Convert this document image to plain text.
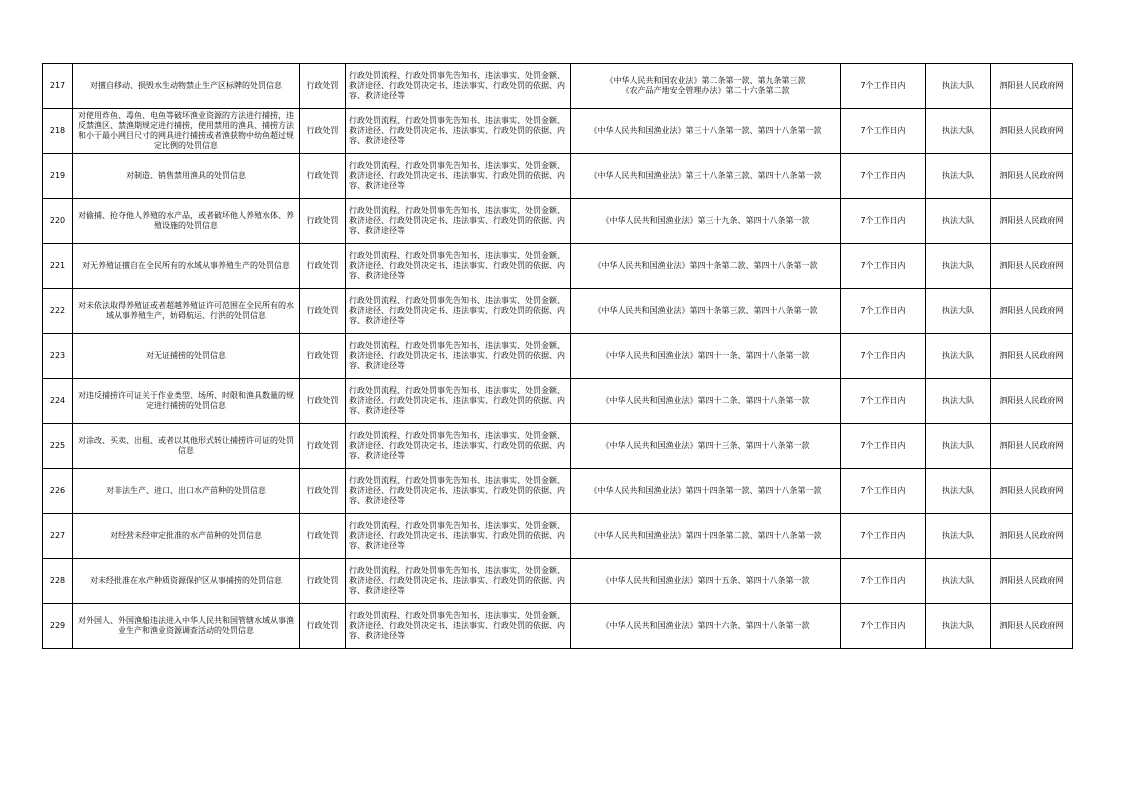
217	对擅自移动、损毁水生动物禁止生产区标牌的处罚信息	行政处罚	行政处罚流程、行政处罚事先告知书、违法事实、处罚金额、救济途径、行政处罚决定书、违法事实、行政处罚的依据、内容、救济途径等	《中华人民共和国农业法》第二条第一款、第九条第三款
《农产品产地安全管理办法》第二十六条第二款	7个工作日内	执法大队	泗阳县人民政府网
218	对使用炸鱼、毒鱼、电鱼等破坏渔业资源的方法进行捕捞，违反禁渔区、禁渔期规定进行捕捞，使用禁用的渔具、捕捞方法和小于最小网目尺寸的网具进行捕捞或者渔获物中幼鱼超过规定比例的处罚信息	行政处罚	行政处罚流程、行政处罚事先告知书、违法事实、处罚金额、救济途径、行政处罚决定书、违法事实、行政处罚的依据、内容、救济途径等	《中华人民共和国渔业法》第三十八条第一款、第四十八条第一款	7个工作日内	执法大队	泗阳县人民政府网
219	对制造、销售禁用渔具的处罚信息	行政处罚	行政处罚流程、行政处罚事先告知书、违法事实、处罚金额、救济途径、行政处罚决定书、违法事实、行政处罚的依据、内容、救济途径等	《中华人民共和国渔业法》第三十八条第三款、第四十八条第一款	7个工作日内	执法大队	泗阳县人民政府网
220	对偷捕、抢夺他人养殖的水产品，或者破坏他人养殖水体、养殖设施的处罚信息	行政处罚	行政处罚流程、行政处罚事先告知书、违法事实、处罚金额、救济途径、行政处罚决定书、违法事实、行政处罚的依据、内容、救济途径等	《中华人民共和国渔业法》第三十九条、第四十八条第一款	7个工作日内	执法大队	泗阳县人民政府网
221	对无养殖证擅自在全民所有的水域从事养殖生产的处罚信息	行政处罚	行政处罚流程、行政处罚事先告知书、违法事实、处罚金额、救济途径、行政处罚决定书、违法事实、行政处罚的依据、内容、救济途径等	《中华人民共和国渔业法》第四十条第二款、第四十八条第一款	7个工作日内	执法大队	泗阳县人民政府网
222	对未依法取得养殖证或者超越养殖证许可范围在全民所有的水域从事养殖生产，妨碍航运、行洪的处罚信息	行政处罚	行政处罚流程、行政处罚事先告知书、违法事实、处罚金额、救济途径、行政处罚决定书、违法事实、行政处罚的依据、内容、救济途径等	《中华人民共和国渔业法》第四十条第三款、第四十八条第一款	7个工作日内	执法大队	泗阳县人民政府网
223	对无证捕捞的处罚信息	行政处罚	行政处罚流程、行政处罚事先告知书、违法事实、处罚金额、救济途径、行政处罚决定书、违法事实、行政处罚的依据、内容、救济途径等	《中华人民共和国渔业法》第四十一条、第四十八条第一款	7个工作日内	执法大队	泗阳县人民政府网
224	对违反捕捞许可证关于作业类型、场所、时限和渔具数量的规定进行捕捞的处罚信息	行政处罚	行政处罚流程、行政处罚事先告知书、违法事实、处罚金额、救济途径、行政处罚决定书、违法事实、行政处罚的依据、内容、救济途径等	《中华人民共和国渔业法》第四十二条、第四十八条第一款	7个工作日内	执法大队	泗阳县人民政府网
225	对涂改、买卖、出租、或者以其他形式转让捕捞许可证的处罚信息	行政处罚	行政处罚流程、行政处罚事先告知书、违法事实、处罚金额、救济途径、行政处罚决定书、违法事实、行政处罚的依据、内容、救济途径等	《中华人民共和国渔业法》第四十三条、第四十八条第一款	7个工作日内	执法大队	泗阳县人民政府网
226	对非法生产、进口、出口水产苗种的处罚信息	行政处罚	行政处罚流程、行政处罚事先告知书、违法事实、处罚金额、救济途径、行政处罚决定书、违法事实、行政处罚的依据、内容、救济途径等	《中华人民共和国渔业法》第四十四条第一款、第四十八条第一款	7个工作日内	执法大队	泗阳县人民政府网
227	对经营未经审定批准的水产苗种的处罚信息	行政处罚	行政处罚流程、行政处罚事先告知书、违法事实、处罚金额、救济途径、行政处罚决定书、违法事实、行政处罚的依据、内容、救济途径等	《中华人民共和国渔业法》第四十四条第二款、第四十八条第一款	7个工作日内	执法大队	泗阳县人民政府网
228	对未经批准在水产种质资源保护区从事捕捞的处罚信息	行政处罚	行政处罚流程、行政处罚事先告知书、违法事实、处罚金额、救济途径、行政处罚决定书、违法事实、行政处罚的依据、内容、救济途径等	《中华人民共和国渔业法》第四十五条、第四十八条第一款	7个工作日内	执法大队	泗阳县人民政府网
229	对外国人、外国渔船违法进入中华人民共和国管辖水域从事渔业生产和渔业资源调查活动的处罚信息	行政处罚	行政处罚流程、行政处罚事先告知书、违法事实、处罚金额、救济途径、行政处罚决定书、违法事实、行政处罚的依据、内容、救济途径等	《中华人民共和国渔业法》第四十六条、第四十八条第一款	7个工作日内	执法大队	泗阳县人民政府网
